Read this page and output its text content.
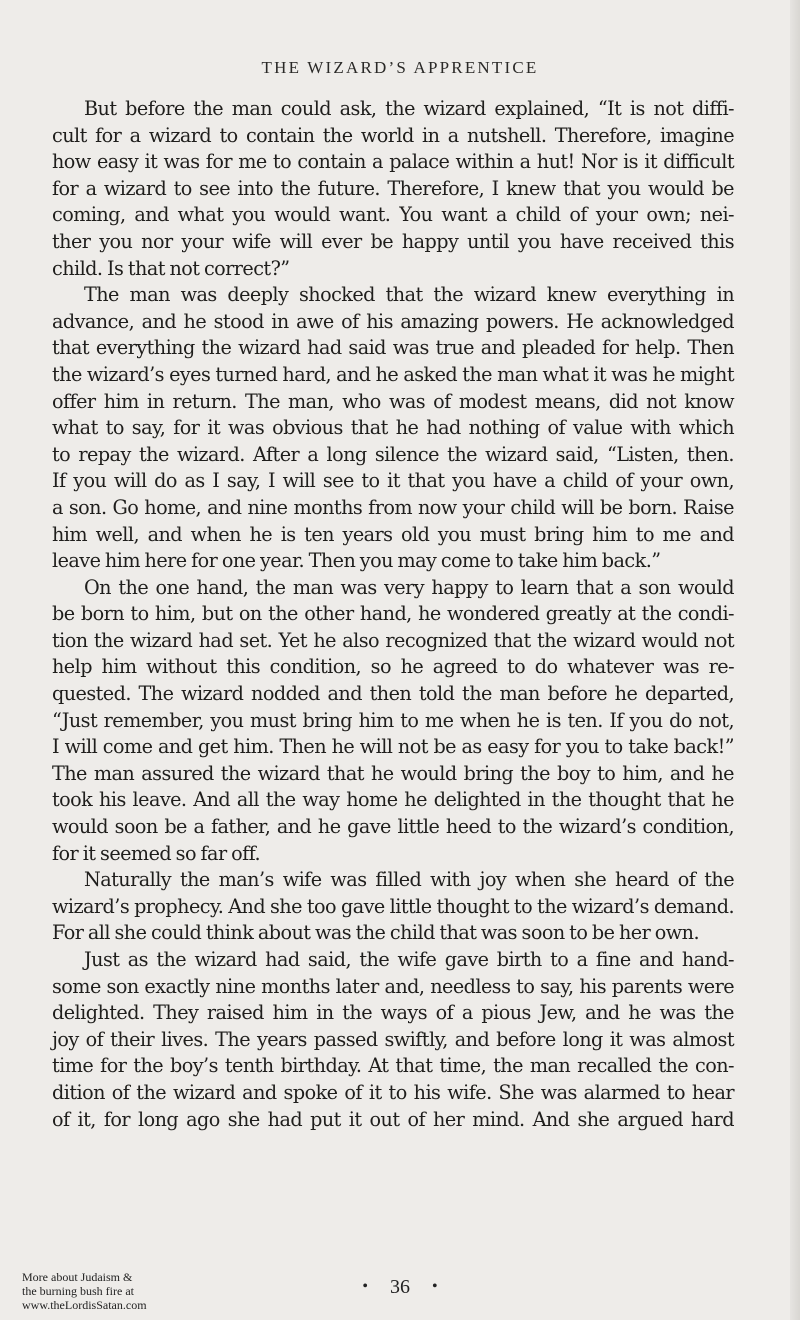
THE WIZARD’S APPRENTICE
But before the man could ask, the wizard explained, “It is not diffi-
cult for a wizard to contain the world in a nutshell. Therefore, imagine
how easy it was for me to contain a palace within a hut! Nor is it difficult
for a wizard to see into the future. Therefore, I knew that you would be
coming, and what you would want. You want a child of your own; nei-
ther you nor your wife will ever be happy until you have received this
child. Is that not correct?”
The man was deeply shocked that the wizard knew everything in
advance, and he stood in awe of his amazing powers. He acknowledged
that everything the wizard had said was true and pleaded for help. Then
the wizard’s eyes turned hard, and he asked the man what it was he might
offer him in return. The man, who was of modest means, did not know
what to say, for it was obvious that he had nothing of value with which
to repay the wizard. After a long silence the wizard said, “Listen, then.
If you will do as I say, I will see to it that you have a child of your own,
a son. Go home, and nine months from now your child will be born. Raise
him well, and when he is ten years old you must bring him to me and
leave him here for one year. Then you may come to take him back.”
On the one hand, the man was very happy to learn that a son would
be born to him, but on the other hand, he wondered greatly at the condi-
tion the wizard had set. Yet he also recognized that the wizard would not
help him without this condition, so he agreed to do whatever was re-
quested. The wizard nodded and then told the man before he departed,
“Just remember, you must bring him to me when he is ten. If you do not,
I will come and get him. Then he will not be as easy for you to take back!”
The man assured the wizard that he would bring the boy to him, and he
took his leave. And all the way home he delighted in the thought that he
would soon be a father, and he gave little heed to the wizard’s condition,
for it seemed so far off.
Naturally the man’s wife was filled with joy when she heard of the
wizard’s prophecy. And she too gave little thought to the wizard’s demand.
For all she could think about was the child that was soon to be her own.
Just as the wizard had said, the wife gave birth to a fine and hand-
some son exactly nine months later and, needless to say, his parents were
delighted. They raised him in the ways of a pious Jew, and he was the
joy of their lives. The years passed swiftly, and before long it was almost
time for the boy’s tenth birthday. At that time, the man recalled the con-
dition of the wizard and spoke of it to his wife. She was alarmed to hear
of it, for long ago she had put it out of her mind. And she argued hard
More about Judaism &
the burning bush fire at
www.theLordisSatan.com
• 36 •
